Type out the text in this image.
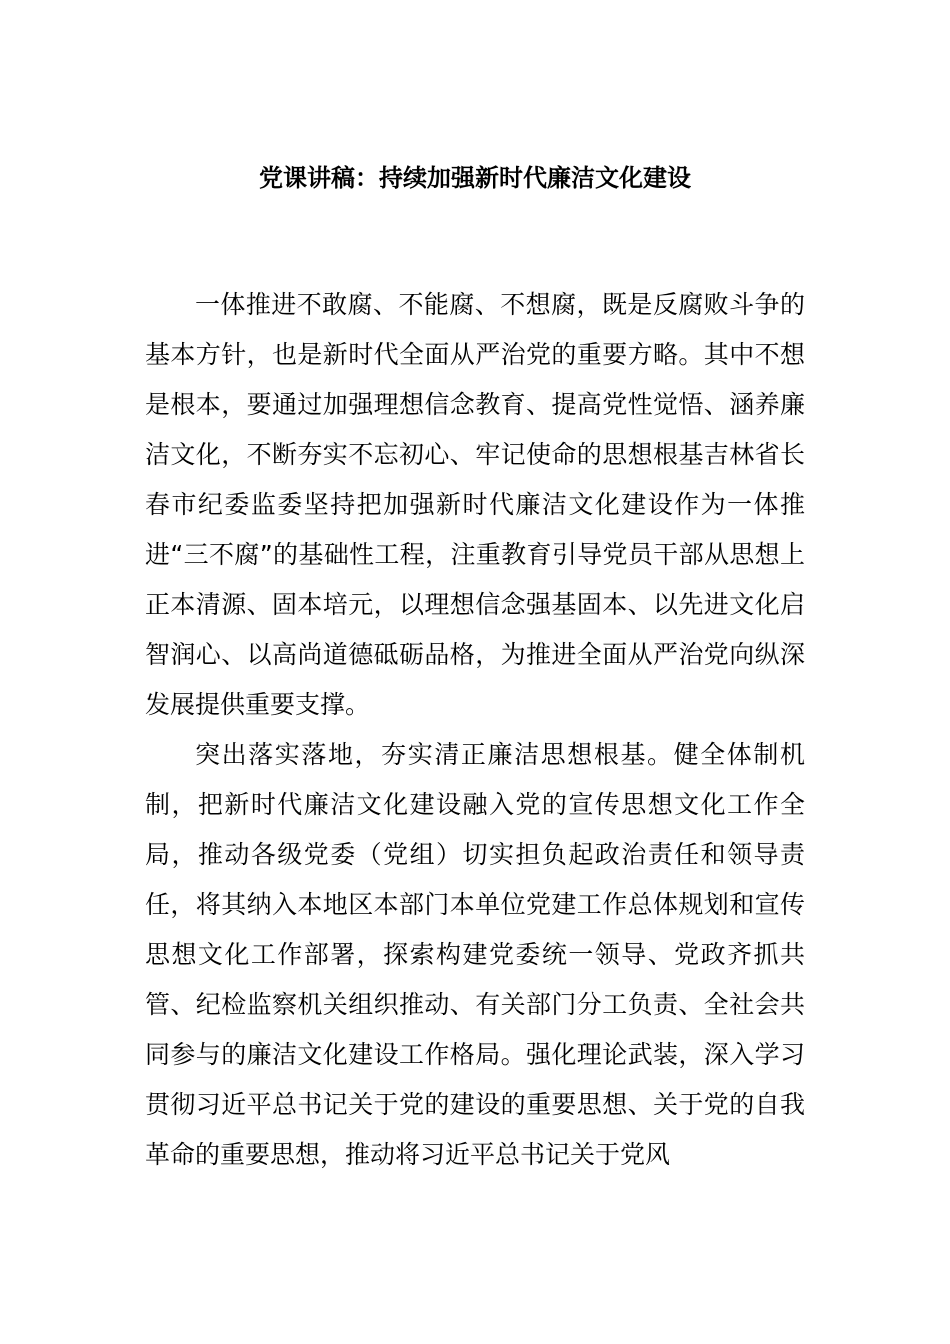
党课讲稿：持续加强新时代廉洁文化建设

一体推进不敢腐、不能腐、不想腐，既是反腐败斗争的基本方针，也是新时代全面从严治党的重要方略。其中不想是根本，要通过加强理想信念教育、提高党性觉悟、涵养廉洁文化，不断夯实不忘初心、牢记使命的思想根基吉林省长春市纪委监委坚持把加强新时代廉洁文化建设作为一体推进“三不腐”的基础性工程，注重教育引导党员干部从思想上正本清源、固本培元，以理想信念强基固本、以先进文化启智润心、以高尚道德砥砺品格，为推进全面从严治党向纵深发展提供重要支撑。

突出落实落地，夯实清正廉洁思想根基。健全体制机制，把新时代廉洁文化建设融入党的宣传思想文化工作全局，推动各级党委（党组）切实担负起政治责任和领导责任，将其纳入本地区本部门本单位党建工作总体规划和宣传思想文化工作部署，探索构建党委统一领导、党政齐抓共管、纪检监察机关组织推动、有关部门分工负责、全社会共同参与的廉洁文化建设工作格局。强化理论武装，深入学习贯彻习近平总书记关于党的建设的重要思想、关于党的自我革命的重要思想，推动将习近平总书记关于党风
